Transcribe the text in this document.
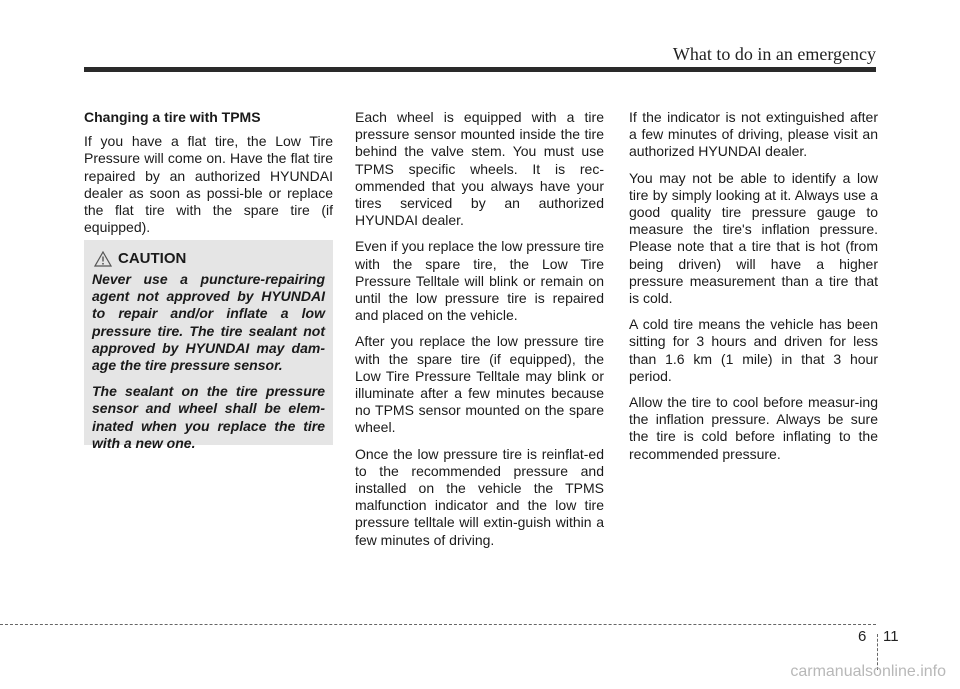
What to do in an emergency

Changing a tire with TPMS

If you have a flat tire, the Low Tire Pressure will come on. Have the flat tire repaired by an authorized HYUNDAI dealer as soon as possi-ble or replace the flat tire with the spare tire (if equipped).

CAUTION

Never use a puncture-repairing agent not approved by HYUNDAI to repair and/or inflate a low pressure tire. The tire sealant not approved by HYUNDAI may dam-age the tire pressure sensor.

The sealant on the tire pressure sensor and wheel shall be elem-inated when you replace the tire with a new one.

Each wheel is equipped with a tire pressure sensor mounted inside the tire behind the valve stem. You must use TPMS specific wheels. It is rec-ommended that you always have your tires serviced by an authorized HYUNDAI dealer.

Even if you replace the low pressure tire with the spare tire, the Low Tire Pressure Telltale will blink or remain on until the low pressure tire is repaired and placed on the vehicle.

After you replace the low pressure tire with the spare tire (if equipped), the Low Tire Pressure Telltale may blink or illuminate after a few minutes because no TPMS sensor mounted on the spare wheel.

Once the low pressure tire is reinflat-ed to the recommended pressure and installed on the vehicle the TPMS malfunction indicator and the low tire pressure telltale will extin-guish within a few minutes of driving.

If the indicator is not extinguished after a few minutes of driving, please visit an authorized HYUNDAI dealer.

You may not be able to identify a low tire by simply looking at it. Always use a good quality tire pressure gauge to measure the tire's inflation pressure. Please note that a tire that is hot (from being driven) will have a higher pressure measurement than a tire that is cold.

A cold tire means the vehicle has been sitting for 3 hours and driven for less than 1.6 km (1 mile) in that 3 hour period.

Allow the tire to cool before measur-ing the inflation pressure. Always be sure the tire is cold before inflating to the recommended pressure.

6 11
carmanualsonline.info
